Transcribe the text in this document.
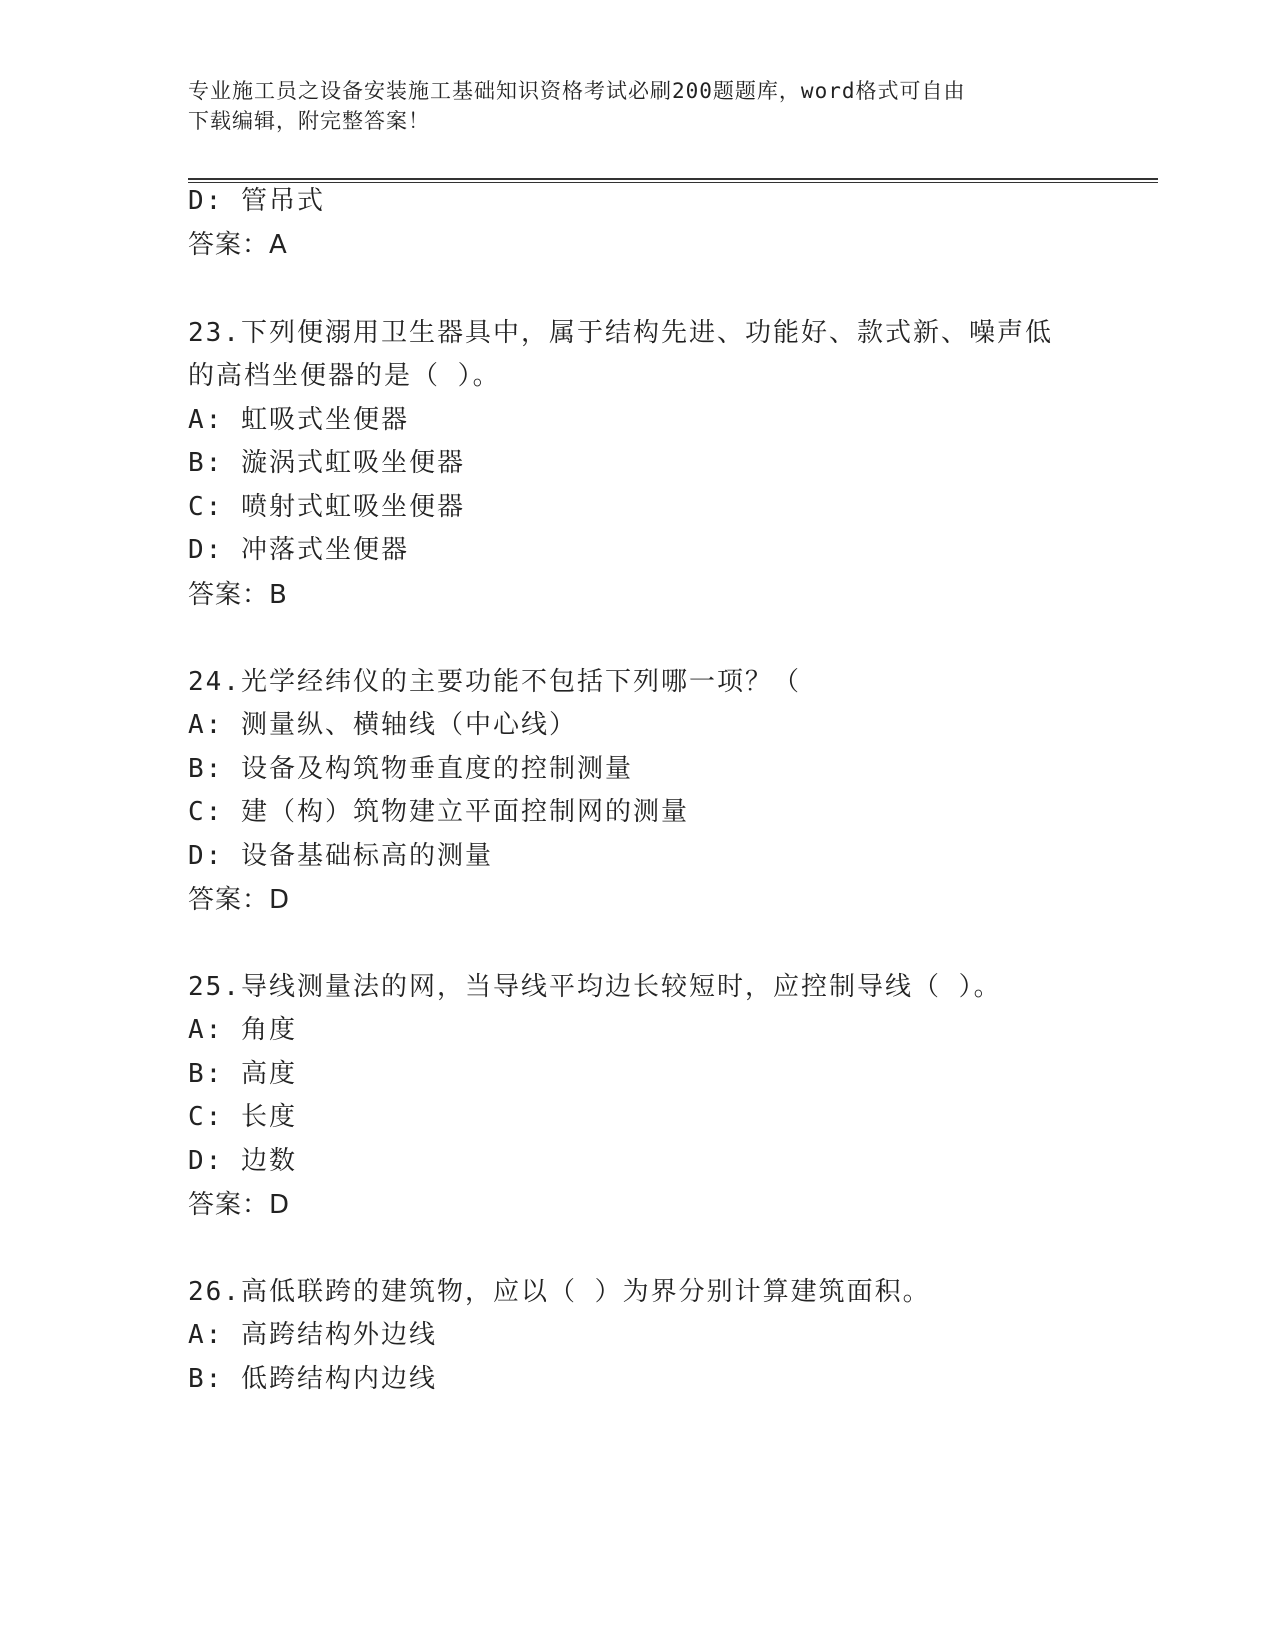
专业施工员之设备安装施工基础知识资格考试必刷200题题库，word格式可自由
下载编辑，附完整答案！
D: 管吊式
答案：A
23.下列便溺用卫生器具中，属于结构先进、功能好、款式新、噪声低
的高档坐便器的是（ ）。
A: 虹吸式坐便器
B: 漩涡式虹吸坐便器
C: 喷射式虹吸坐便器
D: 冲落式坐便器
答案：B
24.光学经纬仪的主要功能不包括下列哪一项？（
A: 测量纵、横轴线（中心线）
B: 设备及构筑物垂直度的控制测量
C: 建（构）筑物建立平面控制网的测量
D: 设备基础标高的测量
答案：D
25.导线测量法的网，当导线平均边长较短时，应控制导线（ ）。
A: 角度
B: 高度
C: 长度
D: 边数
答案：D
26.高低联跨的建筑物，应以（ ）为界分别计算建筑面积。
A: 高跨结构外边线
B: 低跨结构内边线
